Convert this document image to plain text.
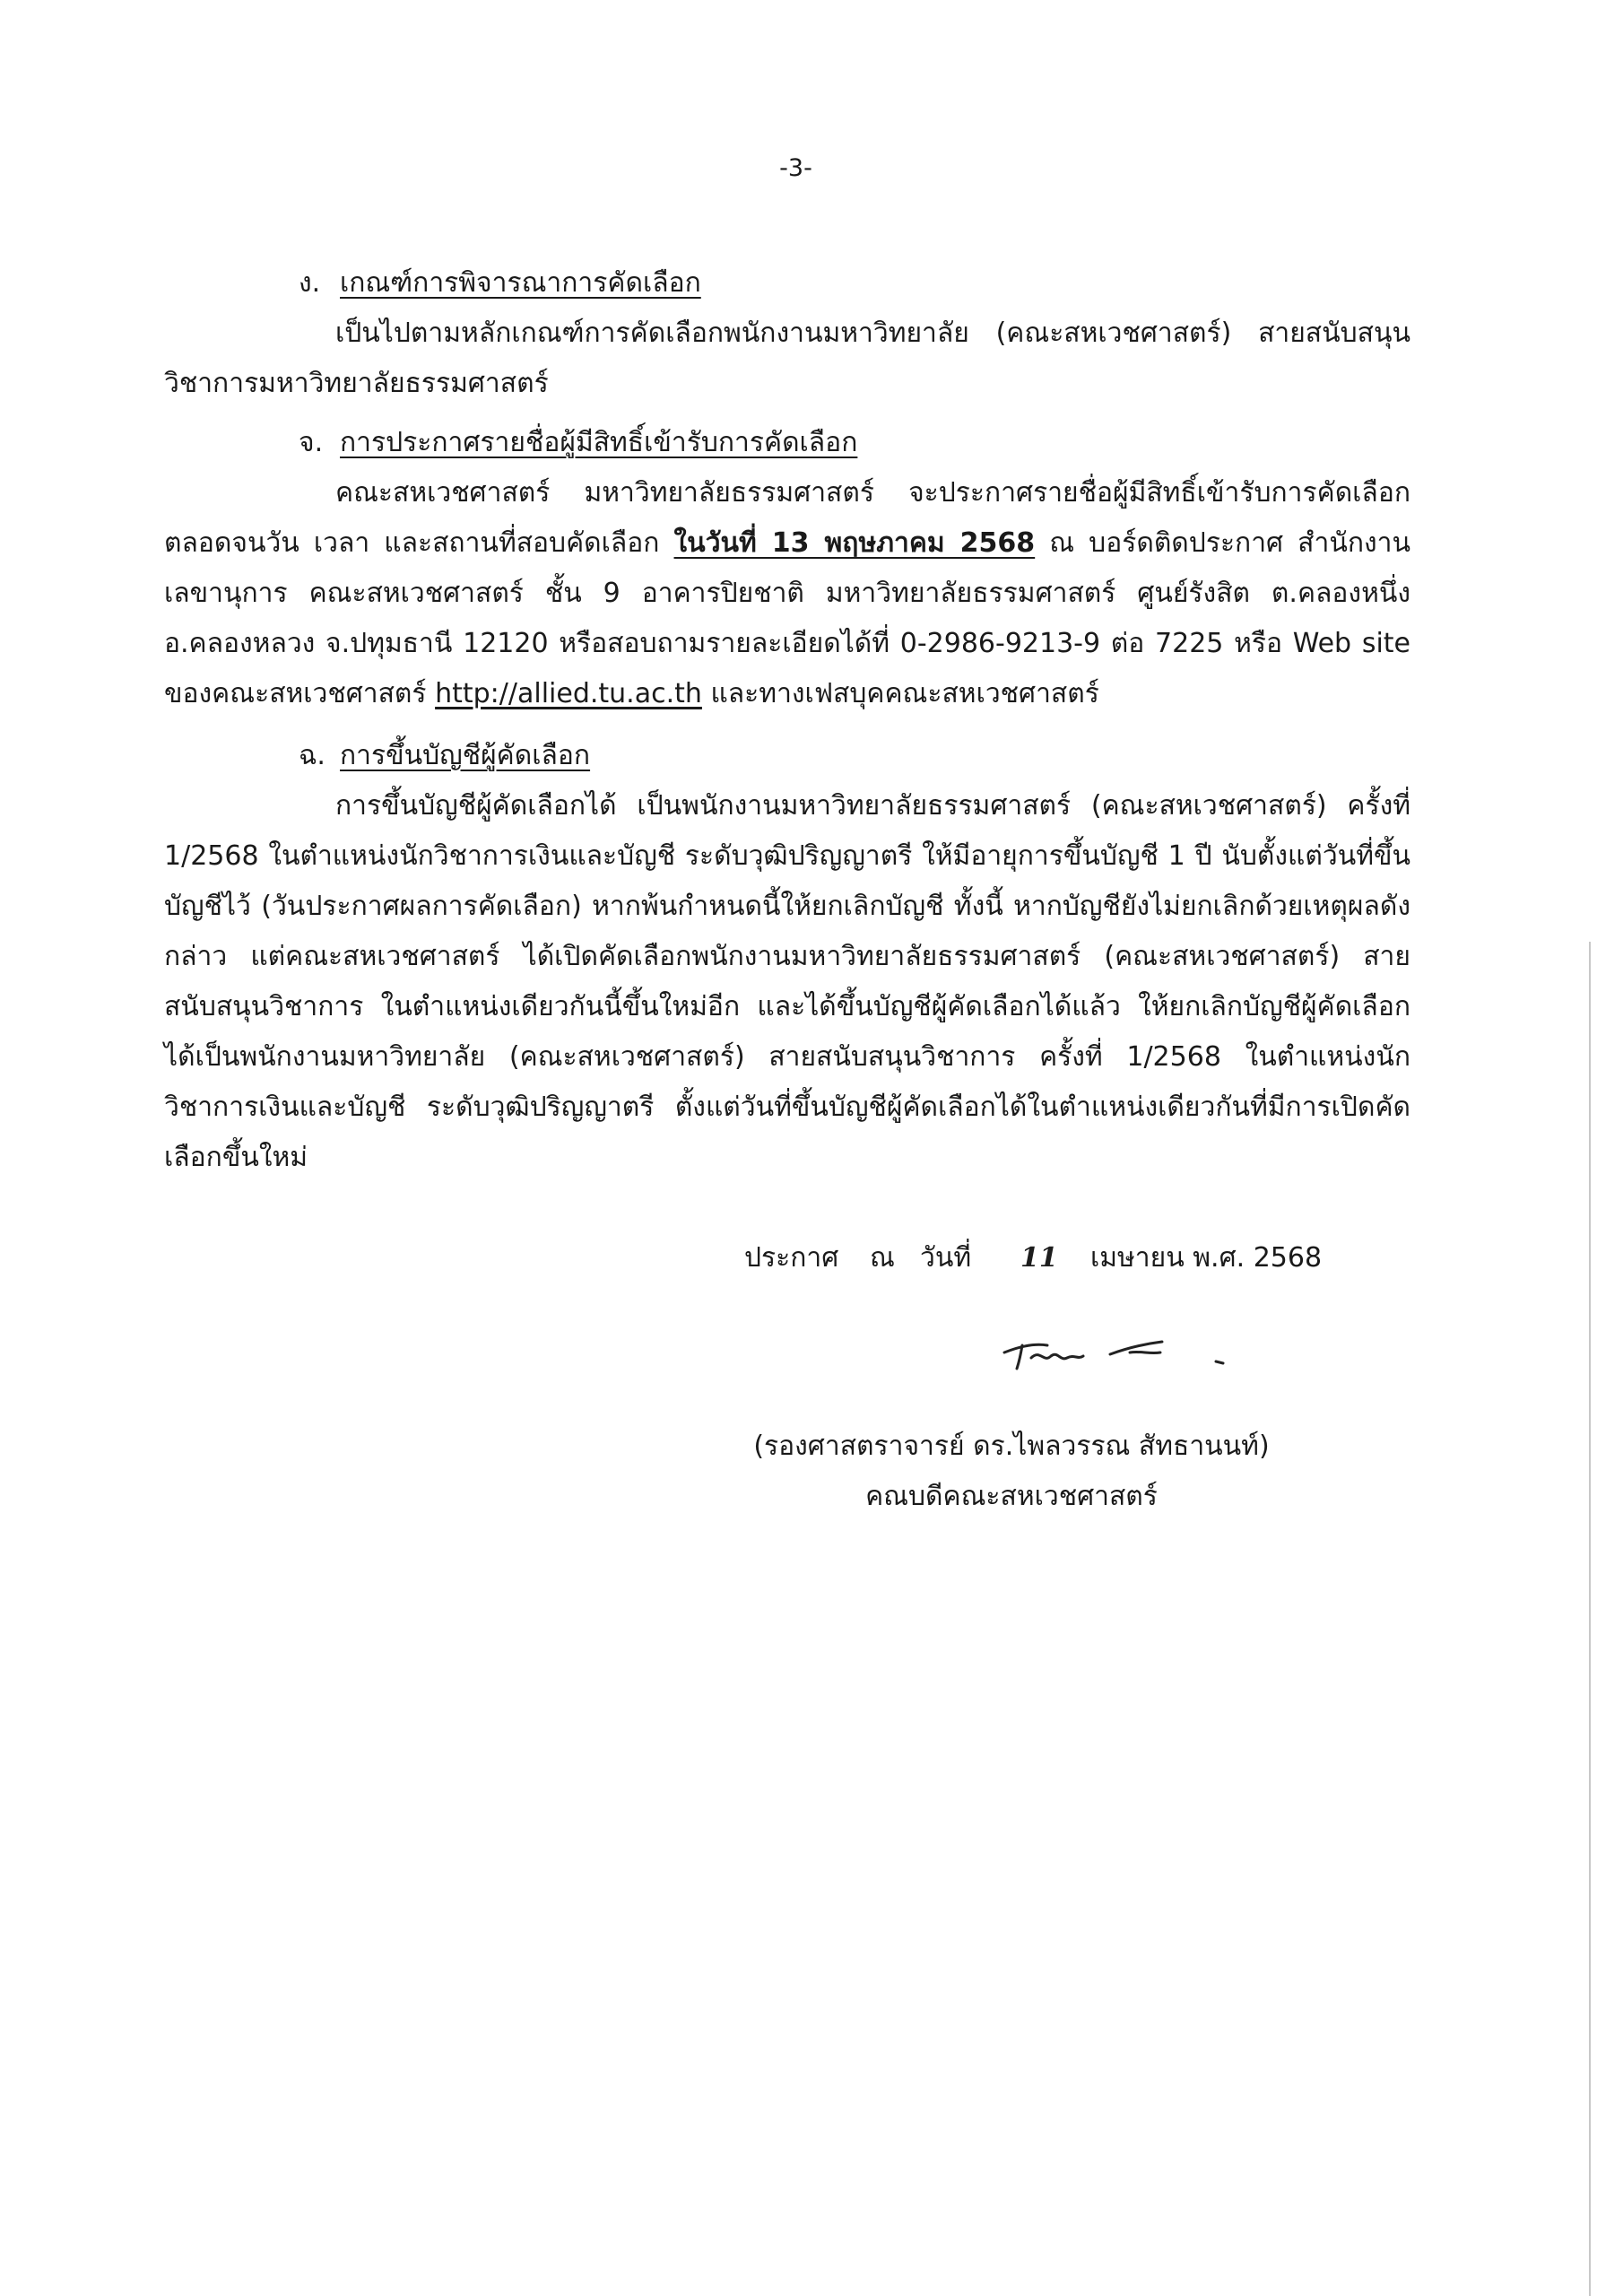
-3-
ง. เกณฑ์การพิจารณาการคัดเลือก

เป็นไปตามหลักเกณฑ์การคัดเลือกพนักงานมหาวิทยาลัย (คณะสหเวชศาสตร์) สายสนับสนุนวิชาการมหาวิทยาลัยธรรมศาสตร์

จ. การประกาศรายชื่อผู้มีสิทธิ์เข้ารับการคัดเลือก

คณะสหเวชศาสตร์ มหาวิทยาลัยธรรมศาสตร์ จะประกาศรายชื่อผู้มีสิทธิ์เข้ารับการคัดเลือก ตลอดจนวัน เวลา และสถานที่สอบคัดเลือก ในวันที่ 13 พฤษภาคม 2568 ณ บอร์ดติดประกาศ สำนักงานเลขานุการ คณะสหเวชศาสตร์ ชั้น 9 อาคารปิยชาติ มหาวิทยาลัยธรรมศาสตร์ ศูนย์รังสิต ต.คลองหนึ่ง อ.คลองหลวง จ.ปทุมธานี 12120 หรือสอบถามรายละเอียดได้ที่ 0-2986-9213-9 ต่อ 7225 หรือ Web site ของคณะสหเวชศาสตร์ http://allied.tu.ac.th และทางเฟสบุคคณะสหเวชศาสตร์

ฉ. การขึ้นบัญชีผู้คัดเลือก

การขึ้นบัญชีผู้คัดเลือกได้ เป็นพนักงานมหาวิทยาลัยธรรมศาสตร์ (คณะสหเวชศาสตร์) ครั้งที่ 1/2568 ในตำแหน่งนักวิชาการเงินและบัญชี ระดับวุฒิปริญญาตรี ให้มีอายุการขึ้นบัญชี 1 ปี นับตั้งแต่วันที่ขึ้นบัญชีไว้ (วันประกาศผลการคัดเลือก) หากพ้นกำหนดนี้ให้ยกเลิกบัญชี ทั้งนี้ หากบัญชียังไม่ยกเลิกด้วยเหตุผลดังกล่าว แต่คณะสหเวชศาสตร์ ได้เปิดคัดเลือกพนักงานมหาวิทยาลัยธรรมศาสตร์ (คณะสหเวชศาสตร์) สายสนับสนุนวิชาการ ในตำแหน่งเดียวกันนี้ขึ้นใหม่อีก และได้ขึ้นบัญชีผู้คัดเลือกได้แล้ว ให้ยกเลิกบัญชีผู้คัดเลือกได้เป็นพนักงานมหาวิทยาลัย (คณะสหเวชศาสตร์) สายสนับสนุนวิชาการ ครั้งที่ 1/2568 ในตำแหน่งนักวิชาการเงินและบัญชี ระดับวุฒิปริญญาตรี ตั้งแต่วันที่ขึ้นบัญชีผู้คัดเลือกได้ในตำแหน่งเดียวกันที่มีการเปิดคัดเลือกขึ้นใหม่

ประกาศ ณ วันที่ 11 เมษายน พ.ศ. 2568
(รองศาสตราจารย์ ดร.ไพลวรรณ สัทธานนท์)
คณบดีคณะสหเวชศาสตร์
